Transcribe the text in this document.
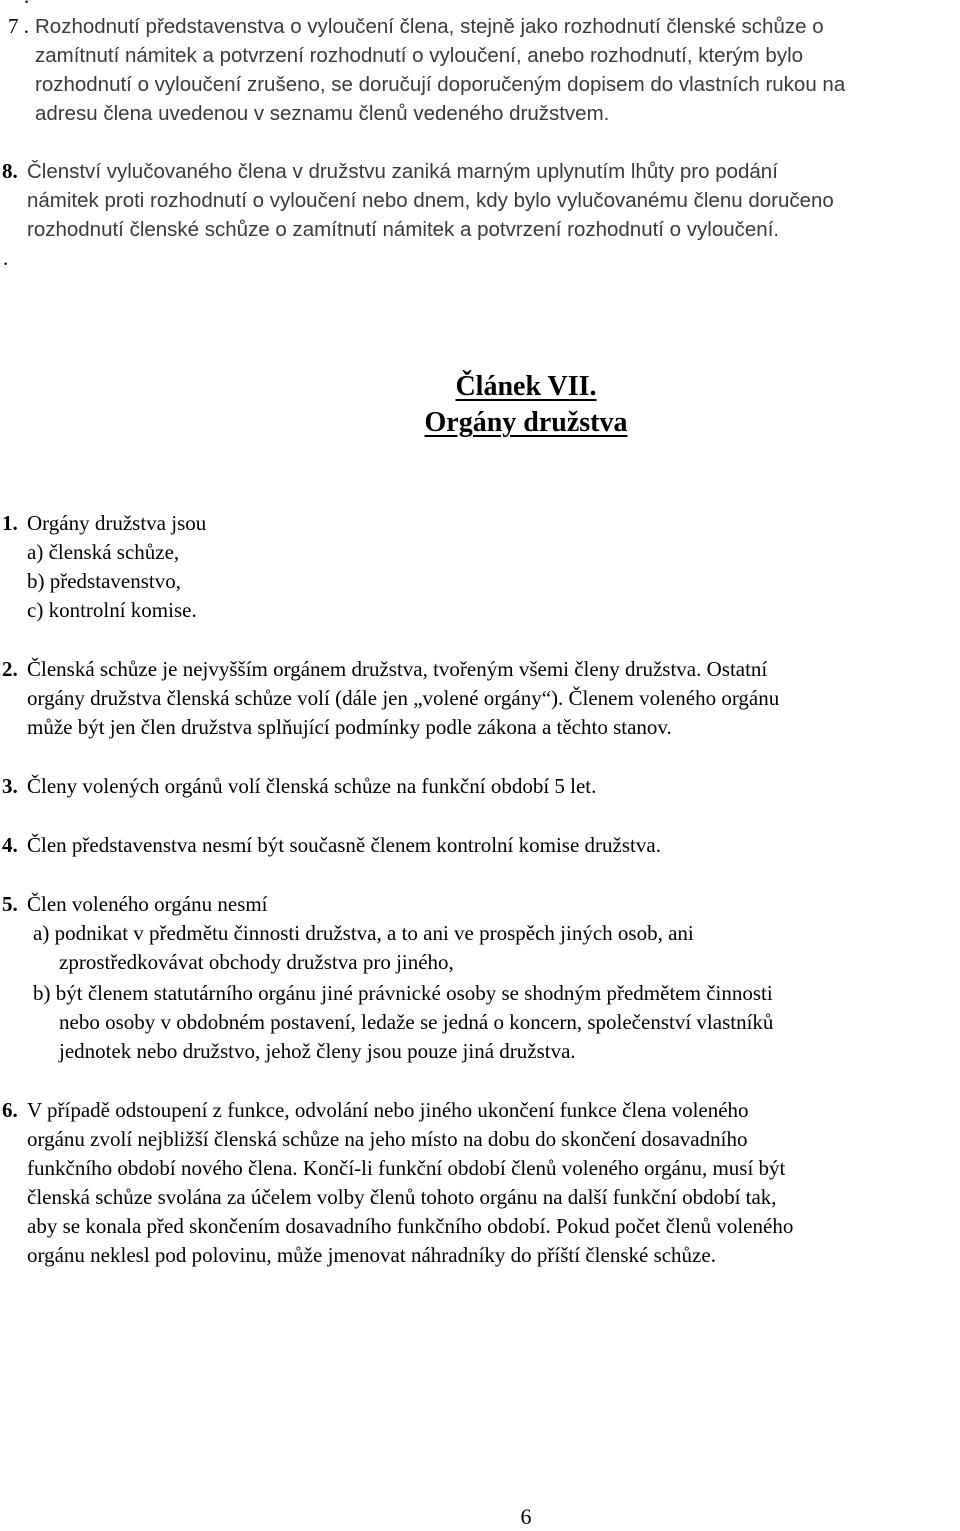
7 . Rozhodnutí představenstva o vyloučení člena, stejně jako rozhodnutí členské schůze o
zamítnutí námitek a potvrzení rozhodnutí o vyloučení, anebo rozhodnutí, kterým bylo
rozhodnutí o vyloučení zrušeno, se doručují doporučeným dopisem do vlastních rukou na
adresu člena uvedenou v seznamu členů vedeného družstvem.
8. Členství vylučovaného člena v družstvu zaniká marným uplynutím lhůty pro podání
námitek proti rozhodnutí o vyloučení nebo dnem, kdy bylo vylučovanému členu doručeno
rozhodnutí členské schůze o zamítnutí námitek a potvrzení rozhodnutí o vyloučení.
.
Článek VII.
Orgány družstva
1. Orgány družstva jsou
a) členská schůze,
b) představenstvo,
c) kontrolní komise.
2. Členská schůze je nejvyšším orgánem družstva, tvořeným všemi členy družstva. Ostatní
orgány družstva členská schůze volí (dále jen „volené orgány“). Členem voleného orgánu
může být jen člen družstva splňující podmínky podle zákona a těchto stanov.
3. Členy volených orgánů volí členská schůze na funkční období 5 let.
4. Člen představenstva nesmí být současně členem kontrolní komise družstva.
5. Člen voleného orgánu nesmí
a) podnikat v předmětu činnosti družstva, a to ani ve prospěch jiných osob, ani
zprostředkovávat obchody družstva pro jiného,
b) být členem statutárního orgánu jiné právnické osoby se shodným předmětem činnosti
nebo osoby v obdobném postavení, ledaže se jedná o koncern, společenství vlastníků
jednotek nebo družstvo, jehož členy jsou pouze jiná družstva.
6. V případě odstoupení z funkce, odvolání nebo jiného ukončení funkce člena voleného
orgánu zvolí nejbližší členská schůze na jeho místo na dobu do skončení dosavadního
funkčního období nového člena. Končí-li funkční období členů voleného orgánu, musí být
členská schůze svolána za účelem volby členů tohoto orgánu na další funkční období tak,
aby se konala před skončením dosavadního funkčního období. Pokud počet členů voleného
orgánu neklesl pod polovinu, může jmenovat náhradníky do příští členské schůze.
6
